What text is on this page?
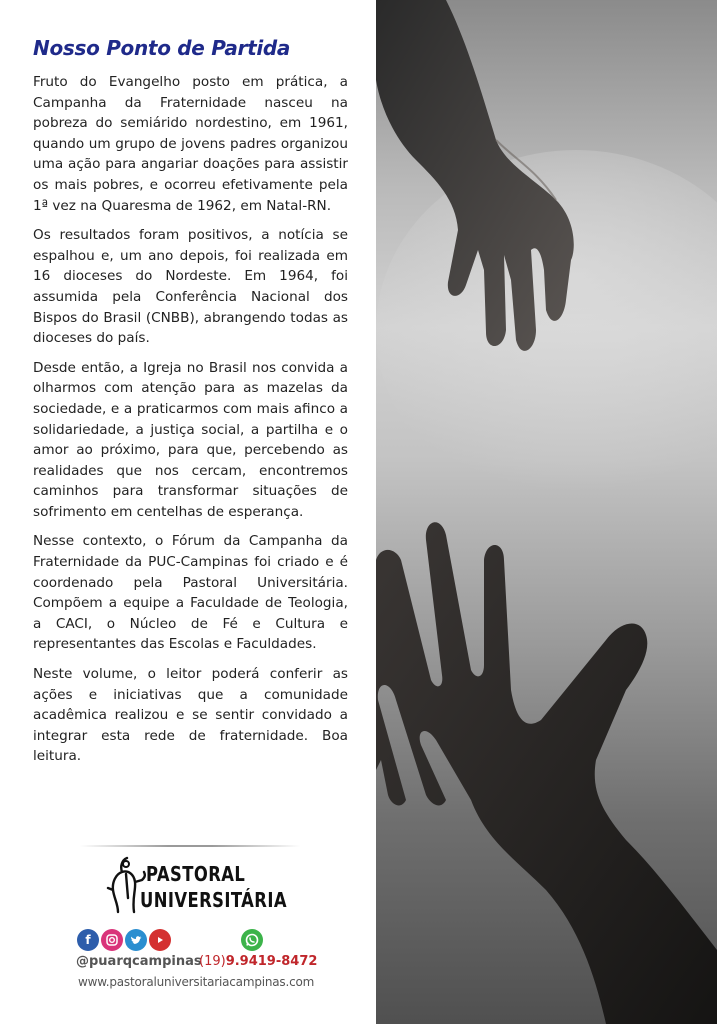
Nosso Ponto de Partida

Fruto do Evangelho posto em prática, a Campanha da Fraternidade nasceu na pobreza do semiárido nordestino, em 1961, quando um grupo de jovens padres organizou uma ação para angariar doações para assistir os mais pobres, e ocorreu efetivamente pela 1ª vez na Quaresma de 1962, em Natal-RN.

Os resultados foram positivos, a notícia se espalhou e, um ano depois, foi realizada em 16 dioceses do Nordeste. Em 1964, foi assumida pela Conferência Nacional dos Bispos do Brasil (CNBB), abrangendo todas as dioceses do país.

Desde então, a Igreja no Brasil nos convida a olharmos com atenção para as mazelas da sociedade, e a praticarmos com mais afinco a solidariedade, a justiça social, a partilha e o amor ao próximo, para que, percebendo as realidades que nos cercam, encontremos caminhos para transformar situações de sofrimento em centelhas de esperança.

Nesse contexto, o Fórum da Campanha da Fraternidade da PUC-Campinas foi criado e é coordenado pela Pastoral Universitária. Compõem a equipe a Faculdade de Teologia, a CACI, o Núcleo de Fé e Cultura e representantes das Escolas e Faculdades.

Neste volume, o leitor poderá conferir as ações e iniciativas que a comunidade acadêmica realizou e se sentir convidado a integrar esta rede de fraternidade. Boa leitura.

PASTORAL
UNIVERSITÁRIA
f
@puarqcampinas
(19)9.9419-8472
www.pastoraluniversitariacampinas.com
